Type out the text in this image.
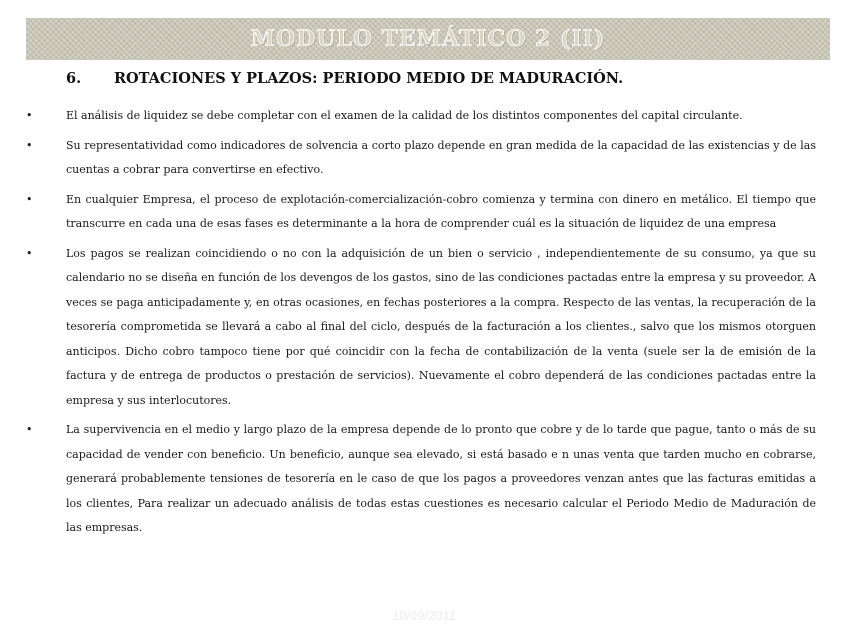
MODULO TEMÁTICO 2 (II)
6. ROTACIONES Y PLAZOS: PERIODO MEDIO DE MADURACIÓN.
•	El análisis de liquidez se debe completar con el examen de la calidad de los distintos componentes del capital circulante.
•	Su representatividad como indicadores de solvencia a corto plazo depende en gran medida de la capacidad de las existencias y de las cuentas a cobrar para convertirse en efectivo.
•	En cualquier Empresa, el proceso de explotación-comercialización-cobro comienza y termina con dinero en metálico. El tiempo que transcurre en cada una de esas fases es determinante a la hora de comprender cuál es la situación de liquidez de una empresa
•	Los pagos se realizan coincidiendo o no con la adquisición de un bien o servicio , independientemente de su consumo, ya que su calendario no se diseña en función de los devengos de los gastos, sino de las condiciones pactadas entre la empresa y su proveedor. A veces se paga anticipadamente y, en otras ocasiones, en fechas posteriores a la compra. Respecto de las ventas, la recuperación de la tesorería comprometida se llevará a cabo al final del ciclo, después de la facturación a los clientes., salvo que los mismos otorguen anticipos. Dicho cobro tampoco tiene por qué coincidir con la fecha de contabilización de la venta (suele ser la de emisión de la factura y de entrega de productos o prestación de servicios). Nuevamente el cobro dependerá de las condiciones pactadas entre la empresa y sus interlocutores.
•	La supervivencia en el medio y largo plazo de la empresa depende de lo pronto que cobre y de lo tarde que pague, tanto o más de su capacidad de vender con beneficio. Un beneficio, aunque sea elevado, si está basado e n unas venta que tarden mucho en cobrarse, generará probablemente tensiones de tesorería en le caso de que los pagos a proveedores venzan antes que las facturas emitidas a los clientes, Para realizar un adecuado análisis de todas estas cuestiones es necesario calcular el Periodo Medio de Maduración de las empresas.
10/09/2011
